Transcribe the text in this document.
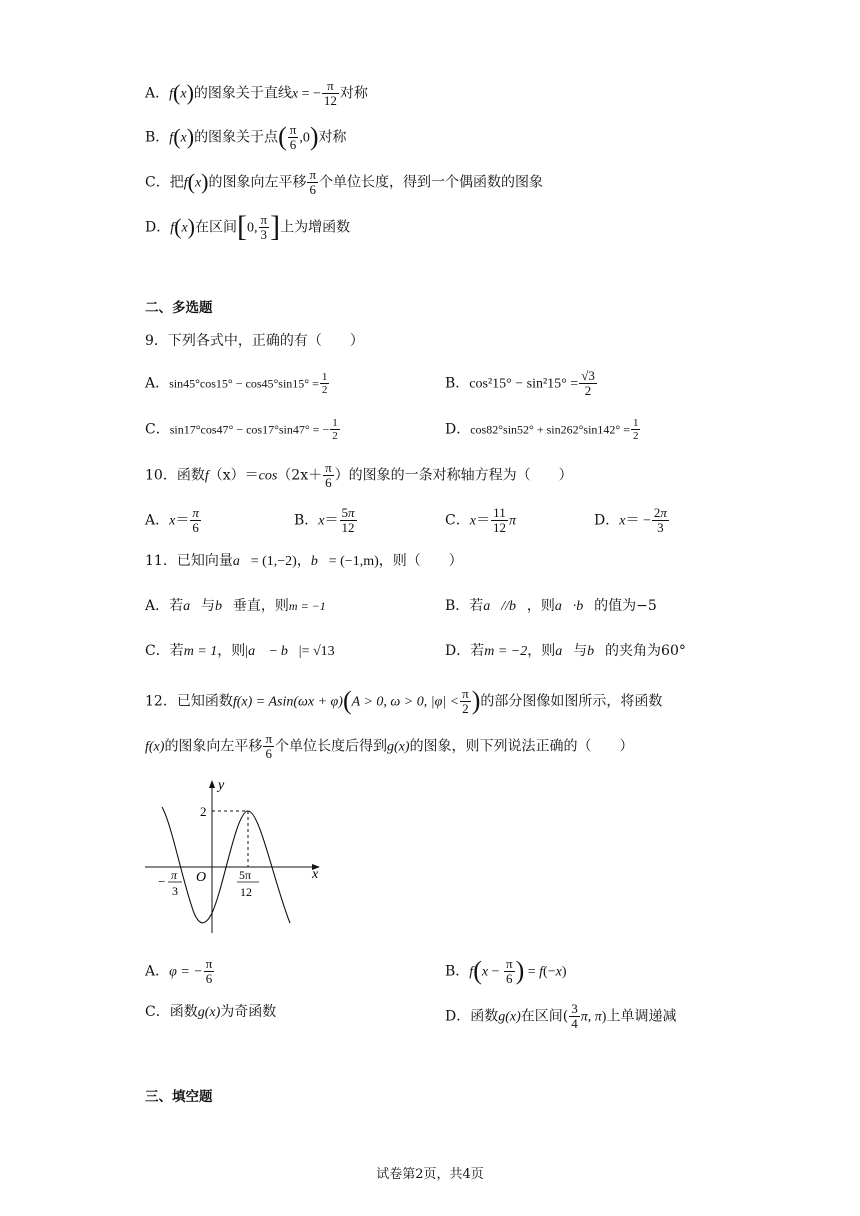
A．f(x)的图象关于直线x = − $\frac{\pi}{12}$ 对称
B．f(x)的图象关于点( $\frac{\pi}{6} ,0$)对称
C．把f(x)的图象向左平移 $\frac{\pi}{6}$ 个单位长度，得到一个偶函数的图象
D．f(x)在区间[0, $\frac{\pi}{3}$ ]上为增函数
二、多选题
9．下列各式中，正确的有（　　）
A．$\sin 45^\circ\cos 15^\circ - \cos 45^\circ\sin 15^\circ = \frac{1}{2}$	B．$\cos^215^\circ - \sin^215^\circ = \frac{√3}{2}$
C．sin17°cos47° − cos17°sin47° = − $\frac{1}{2}$	D．$\cos 82^\circ\sin 52^\circ + \sin 262^\circ\sin 142^\circ = \frac{1}{2}$
10．函数$f(x)=\cos(2x+ \frac{\pi}{6}$ ）的图象的一条对称轴方程为（　　）
A．$x= \frac{\pi}{6}$	B．$x= \frac{5\pi}{12}$	C．$x= \frac{11}{12}$ π	D．$x= - \frac{2\pi}{3}$
11．已知向量a⃗= (1,−2)，b⃗= (−1,m)，则（　　）
A．若a⃗与b⃗垂直，则m = −1	B．若a⃗//b⃗，则a⃗·b⃗的值为−5
C．若m = 1，则|a⃗ − b⃗|= √13	D．若m = −2，则a⃗与b⃗的夹角为60°
12．已知函数f(x) = Asin(ωx + φ)(A > 0, ω > 0, $|\varphi| < \frac{\pi}{2}$ )的部分图像如图所示，将函数
f(x)的图象向左平移 $\frac{\pi}{6}$ 个单位长度后得到g(x)的图象，则下列说法正确的（　　）
y
x
O
2
− π
3
5π
12
A．φ = − $\frac{\pi}{6}$	B．$f(x - \frac{\pi}{6}$ ) = f(−x)
C．函数g(x)为奇函数	D．函数g(x)在区间( $\frac{3}{4} \pi$, π)上单调递减
三、填空题
试卷第2页，共4页
